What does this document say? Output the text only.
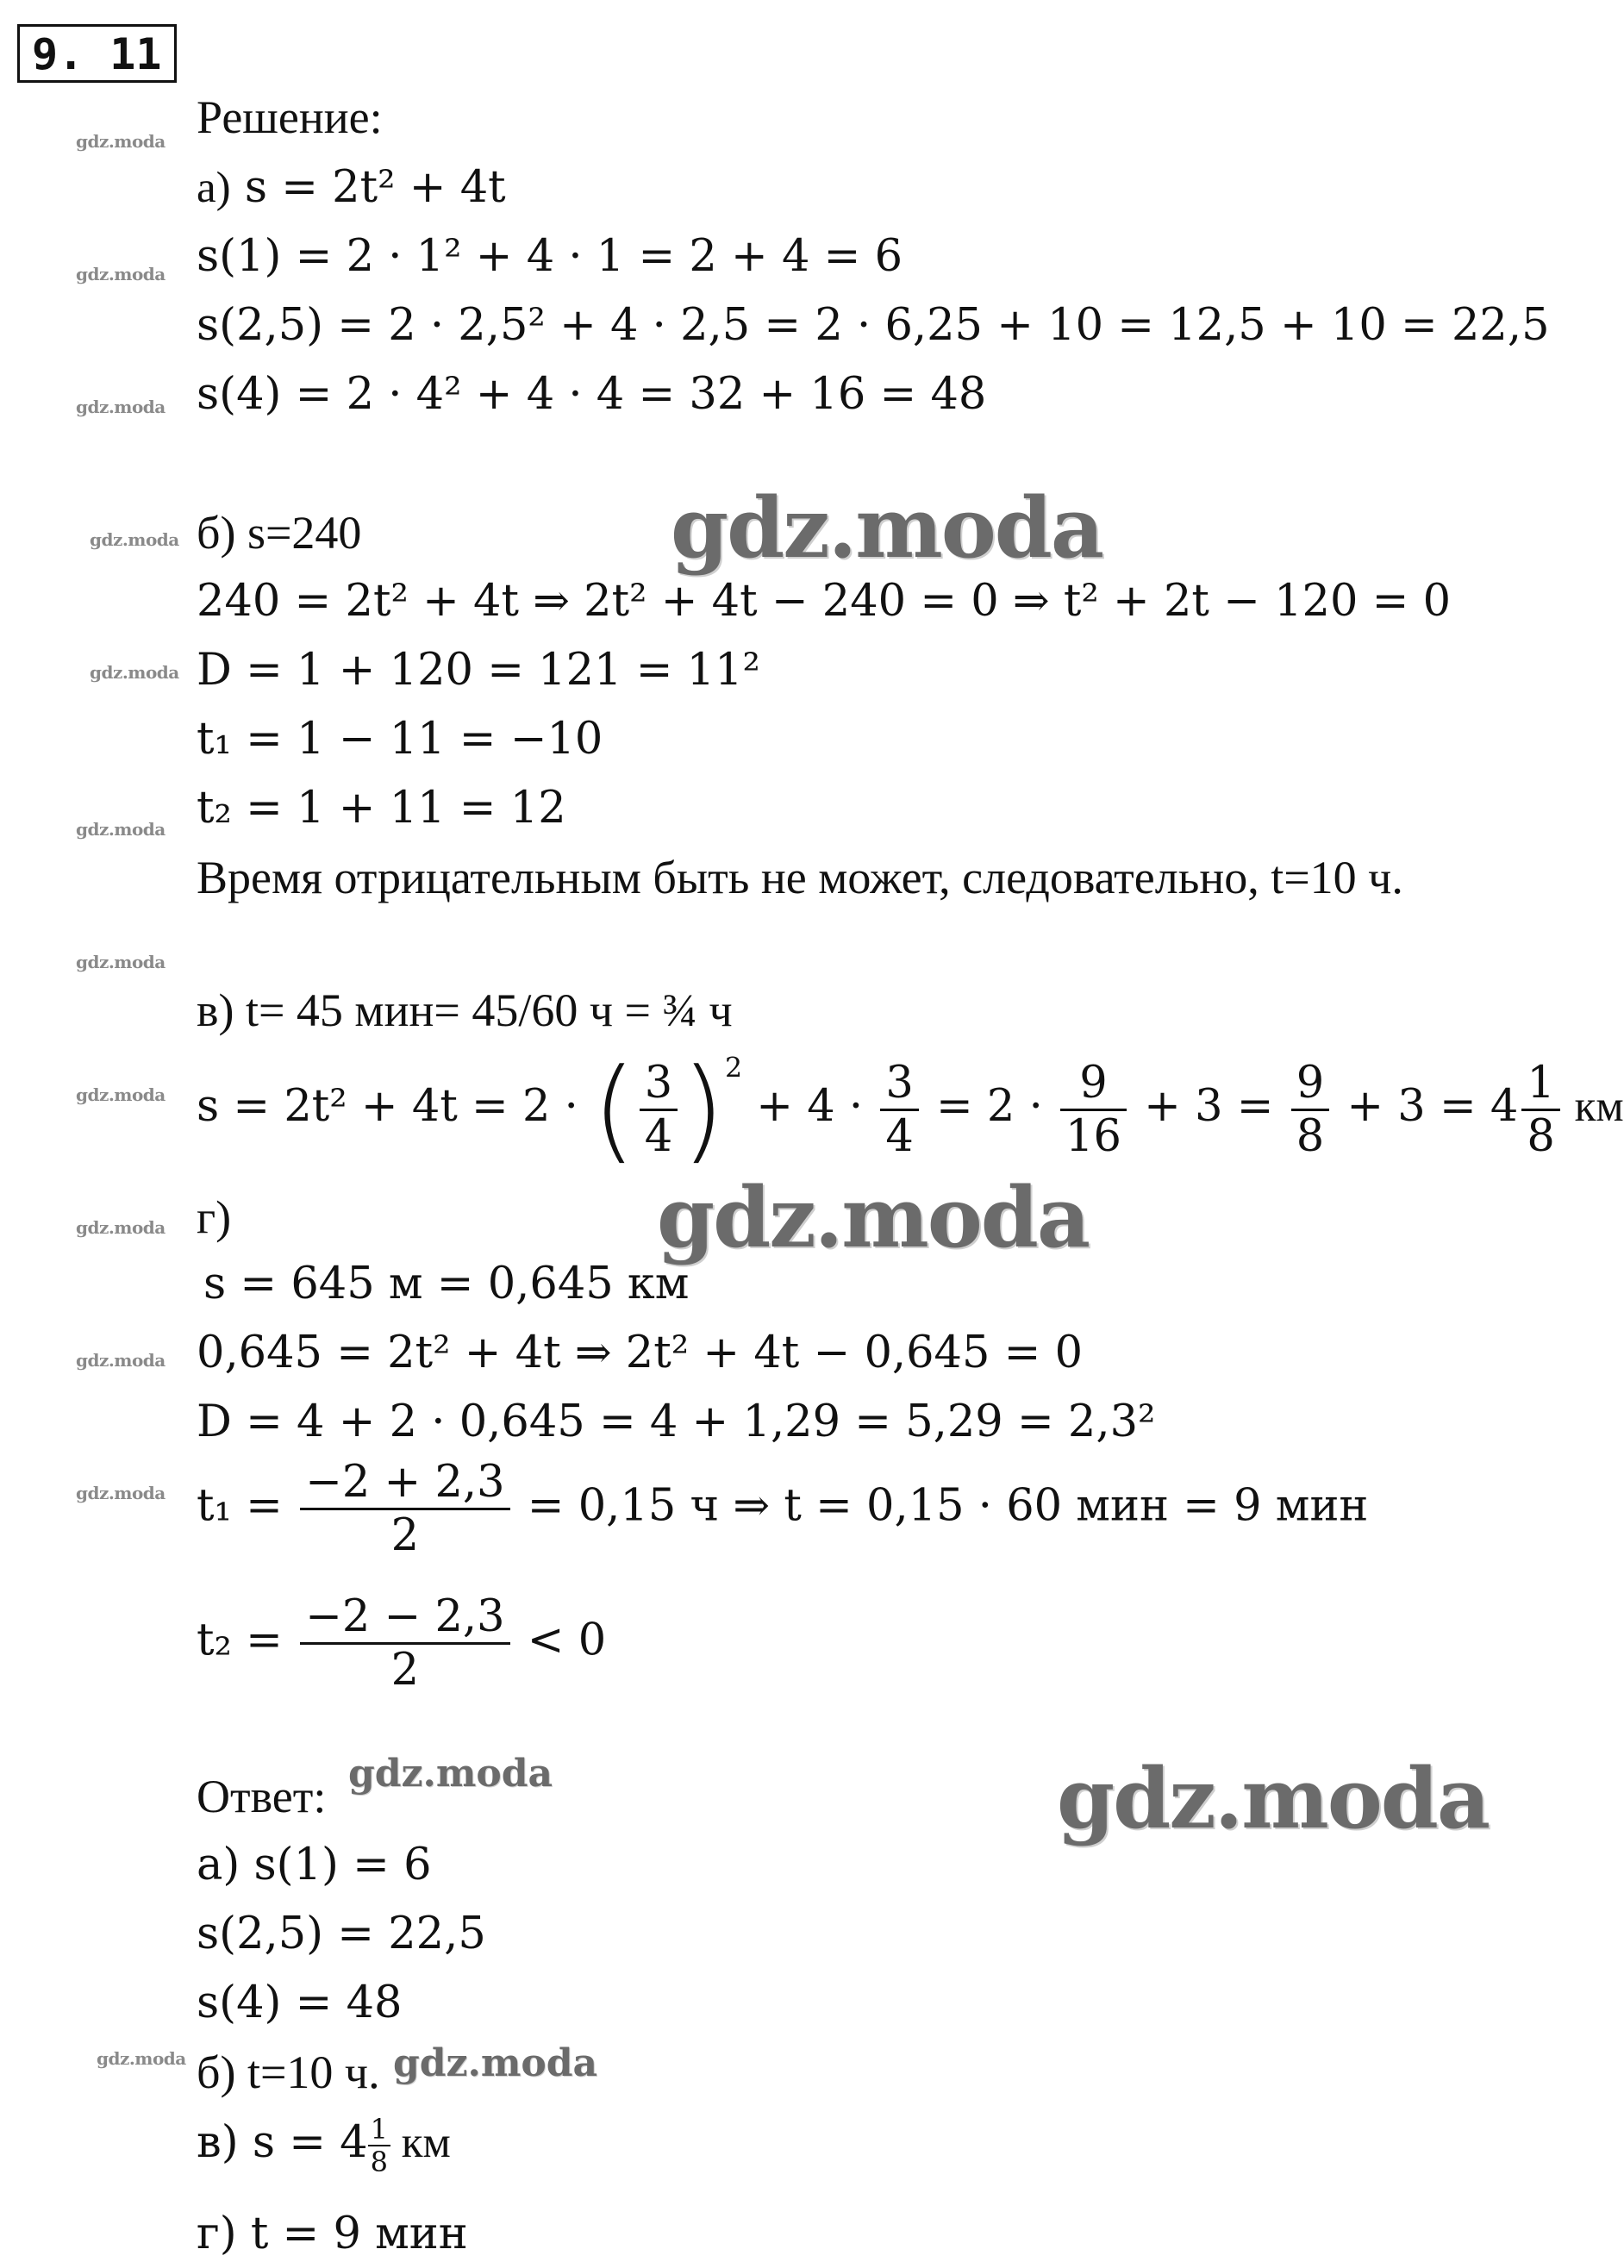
9. 11
Решение:
а) s = 2t² + 4t
s(1) = 2 · 1² + 4 · 1 = 2 + 4 = 6
s(2,5) = 2 · 2,5² + 4 · 2,5 = 2 · 6,25 + 10 = 12,5 + 10 = 22,5
s(4) = 2 · 4² + 4 · 4 = 32 + 16 = 48
б) s=240
240 = 2t² + 4t ⇒ 2t² + 4t − 240 = 0 ⇒ t² + 2t − 120 = 0
D = 1 + 120 = 121 = 11²
t₁ = 1 − 11 = −10
t₂ = 1 + 11 = 12
Время отрицательным быть не может, следовательно, t=10 ч.
в) t= 45 мин= 45/60 ч = ¾ ч
s = 2t² + 4t = 2 · ( $\frac{3}{4} )^2 + 4 \cdot \frac{3}{4} = 2 \cdot \frac{9}{16} + 3 = \frac{9}{8} + 3 = 4 \frac{1}{8}$ км
г)
s = 645 м = 0,645 км
0,645 = 2t² + 4t ⇒ 2t² + 4t − 0,645 = 0
D = 4 + 2 · 0,645 = 4 + 1,29 = 5,29 = 2,3²
$t_1 = \frac{-2 + 2,3}{2} = 0,15$ ч ⇒ t = 0,15 · 60 мин = 9 мин
$t_2 = \frac{-2 - 2,3}{2} < 0$
Ответ:
а) s(1) = 6
s(2,5) = 22,5
s(4) = 48
б) t=10 ч.
в) $s = 4 \frac{1}{8}$ км
г) t = 9 мин
gdz.moda
gdz.moda
gdz.moda
gdz.moda
gdz.moda
gdz.moda
gdz.moda
gdz.moda
gdz.moda
gdz.moda
gdz.moda
gdz.moda
gdz.moda
gdz.moda
gdz.moda
gdz.moda
gdz.moda
